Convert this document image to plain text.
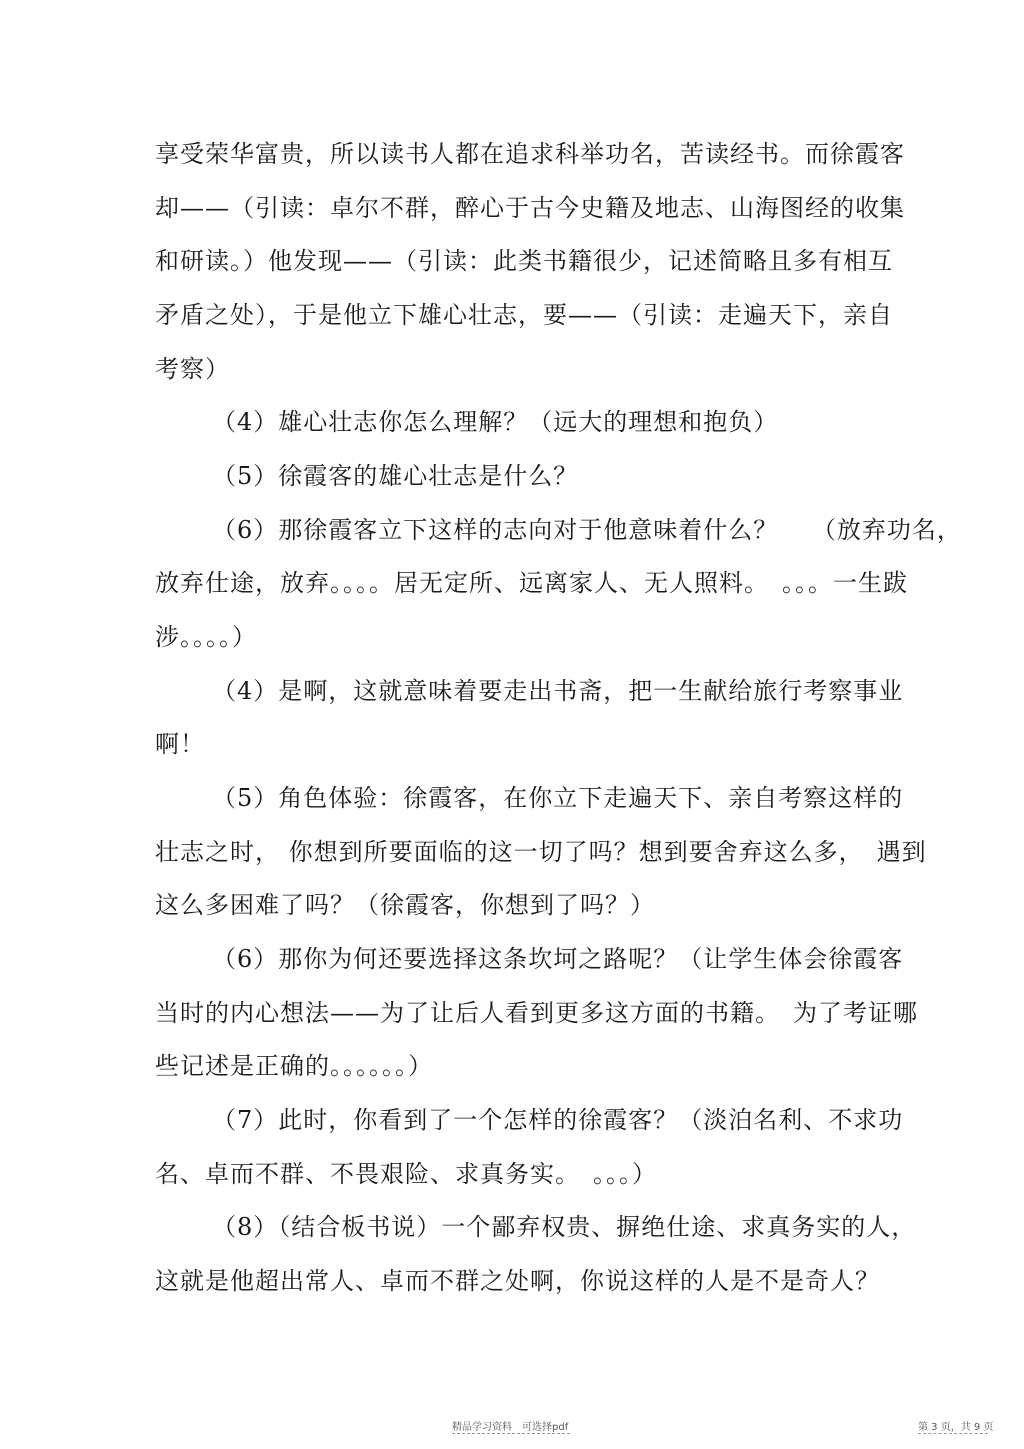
享受荣华富贵，所以读书人都在追求科举功名，苦读经书。而徐霞客
却——（引读：卓尔不群，醉心于古今史籍及地志、山海图经的收集
和研读。）他发现——（引读：此类书籍很少，记述简略且多有相互
矛盾之处），于是他立下雄心壮志，要——（引读：走遍天下，亲自
考察）
（4）雄心壮志你怎么理解？（远大的理想和抱负）
（5）徐霞客的雄心壮志是什么？
（6）那徐霞客立下这样的志向对于他意味着什么？　 （放弃功名，
放弃仕途，放弃。。。。居无定所、远离家人、无人照料。　。。。一生跋
涉。。。。）
（4）是啊，这就意味着要走出书斋，把一生献给旅行考察事业
啊！
（5）角色体验：徐霞客，在你立下走遍天下、亲自考察这样的
壮志之时， 你想到所要面临的这一切了吗？想到要舍弃这么多，　遇到
这么多困难了吗？（徐霞客，你想到了吗？）
（6）那你为何还要选择这条坎坷之路呢？（让学生体会徐霞客
当时的内心想法——为了让后人看到更多这方面的书籍。　为了考证哪
些记述是正确的。。。。。。）
（7）此时，你看到了一个怎样的徐霞客？（淡泊名利、不求功
名、卓而不群、不畏艰险、求真务实。　。。。）
（8）（结合板书说）一个鄙弃权贵、摒绝仕途、求真务实的人，
这就是他超出常人、卓而不群之处啊，你说这样的人是不是奇人？
精品学习资料　可选择pdf	第 3 页，共 9 页
